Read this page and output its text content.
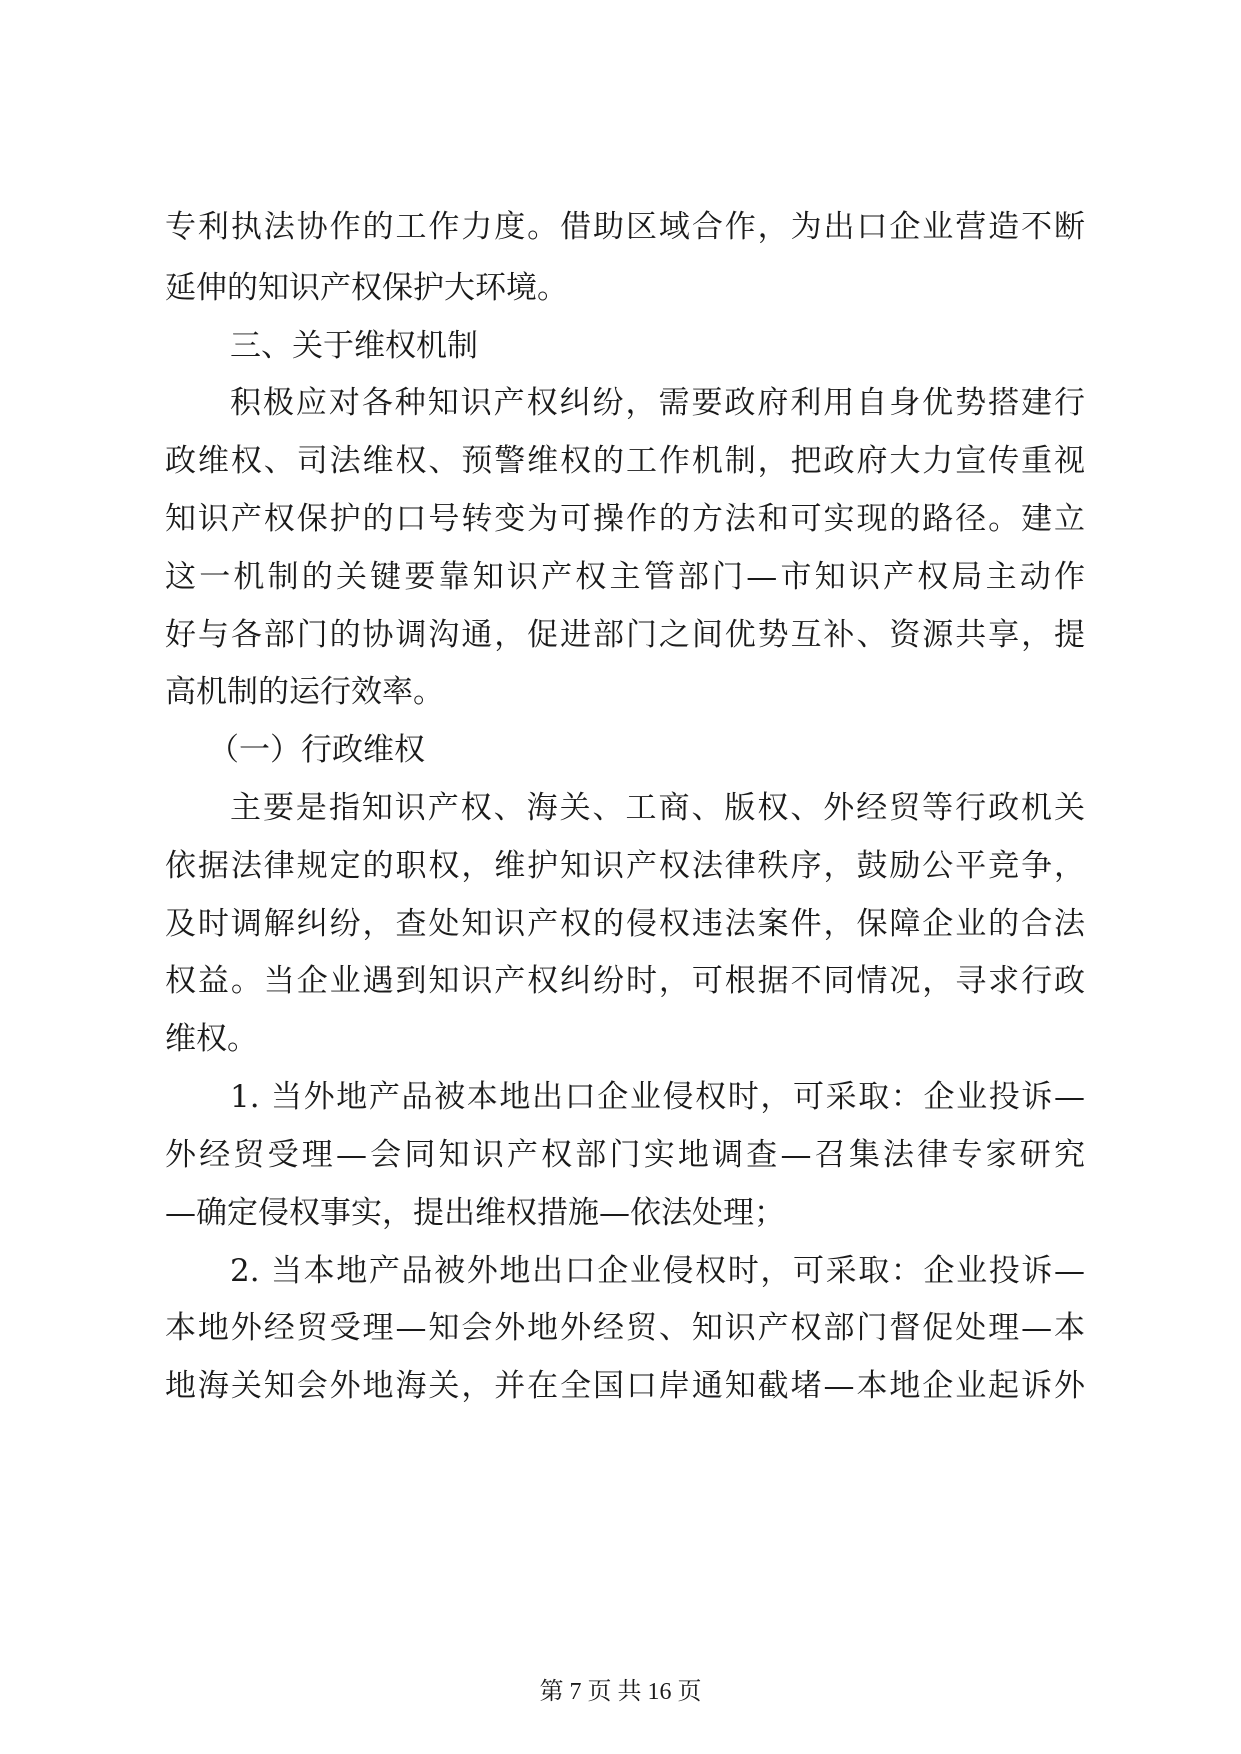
专利执法协作的工作力度。借助区域合作，为出口企业营造不断
延伸的知识产权保护大环境。
三、关于维权机制
积极应对各种知识产权纠纷，需要政府利用自身优势搭建行
政维权、司法维权、预警维权的工作机制，把政府大力宣传重视
知识产权保护的口号转变为可操作的方法和可实现的路径。建立
这一机制的关键要靠知识产权主管部门—市知识产权局主动作
好与各部门的协调沟通，促进部门之间优势互补、资源共享，提
高机制的运行效率。
（一）行政维权
主要是指知识产权、海关、工商、版权、外经贸等行政机关
依据法律规定的职权，维护知识产权法律秩序，鼓励公平竞争，
及时调解纠纷，查处知识产权的侵权违法案件，保障企业的合法
权益。当企业遇到知识产权纠纷时，可根据不同情况，寻求行政
维权。
1. 当外地产品被本地出口企业侵权时，可采取：企业投诉—
外经贸受理—会同知识产权部门实地调查—召集法律专家研究
—确定侵权事实，提出维权措施—依法处理；
2. 当本地产品被外地出口企业侵权时，可采取：企业投诉—
本地外经贸受理—知会外地外经贸、知识产权部门督促处理—本
地海关知会外地海关，并在全国口岸通知截堵—本地企业起诉外
第 7 页 共 16 页
